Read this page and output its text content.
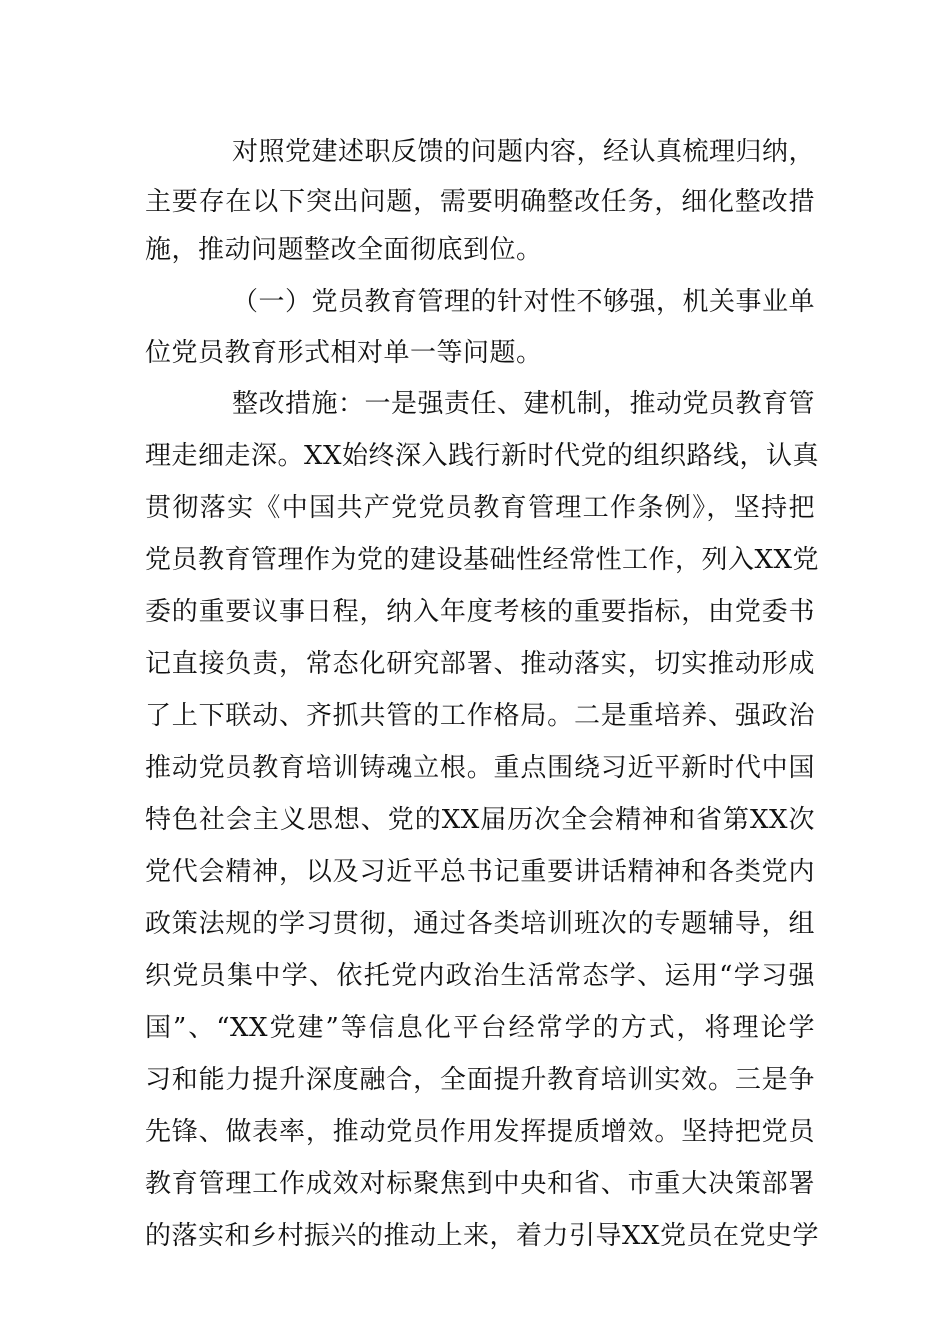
对照党建述职反馈的问题内容，经认真梳理归纳，
主要存在以下突出问题，需要明确整改任务，细化整改措
施，推动问题整改全面彻底到位。
（一）党员教育管理的针对性不够强，机关事业单
位党员教育形式相对单一等问题。
整改措施：一是强责任、建机制，推动党员教育管
理走细走深。XX始终深入践行新时代党的组织路线，认真
贯彻落实《中国共产党党员教育管理工作条例》，坚持把
党员教育管理作为党的建设基础性经常性工作，列入XX党
委的重要议事日程，纳入年度考核的重要指标，由党委书
记直接负责，常态化研究部署、推动落实，切实推动形成
了上下联动、齐抓共管的工作格局。二是重培养、强政治
推动党员教育培训铸魂立根。重点围绕习近平新时代中国
特色社会主义思想、党的XX届历次全会精神和省第XX次
党代会精神，以及习近平总书记重要讲话精神和各类党内
政策法规的学习贯彻，通过各类培训班次的专题辅导，组
织党员集中学、依托党内政治生活常态学、运用“学习强
国”、“XX党建”等信息化平台经常学的方式，将理论学
习和能力提升深度融合，全面提升教育培训实效。三是争
先锋、做表率，推动党员作用发挥提质增效。坚持把党员
教育管理工作成效对标聚焦到中央和省、市重大决策部署
的落实和乡村振兴的推动上来，着力引导XX党员在党史学
